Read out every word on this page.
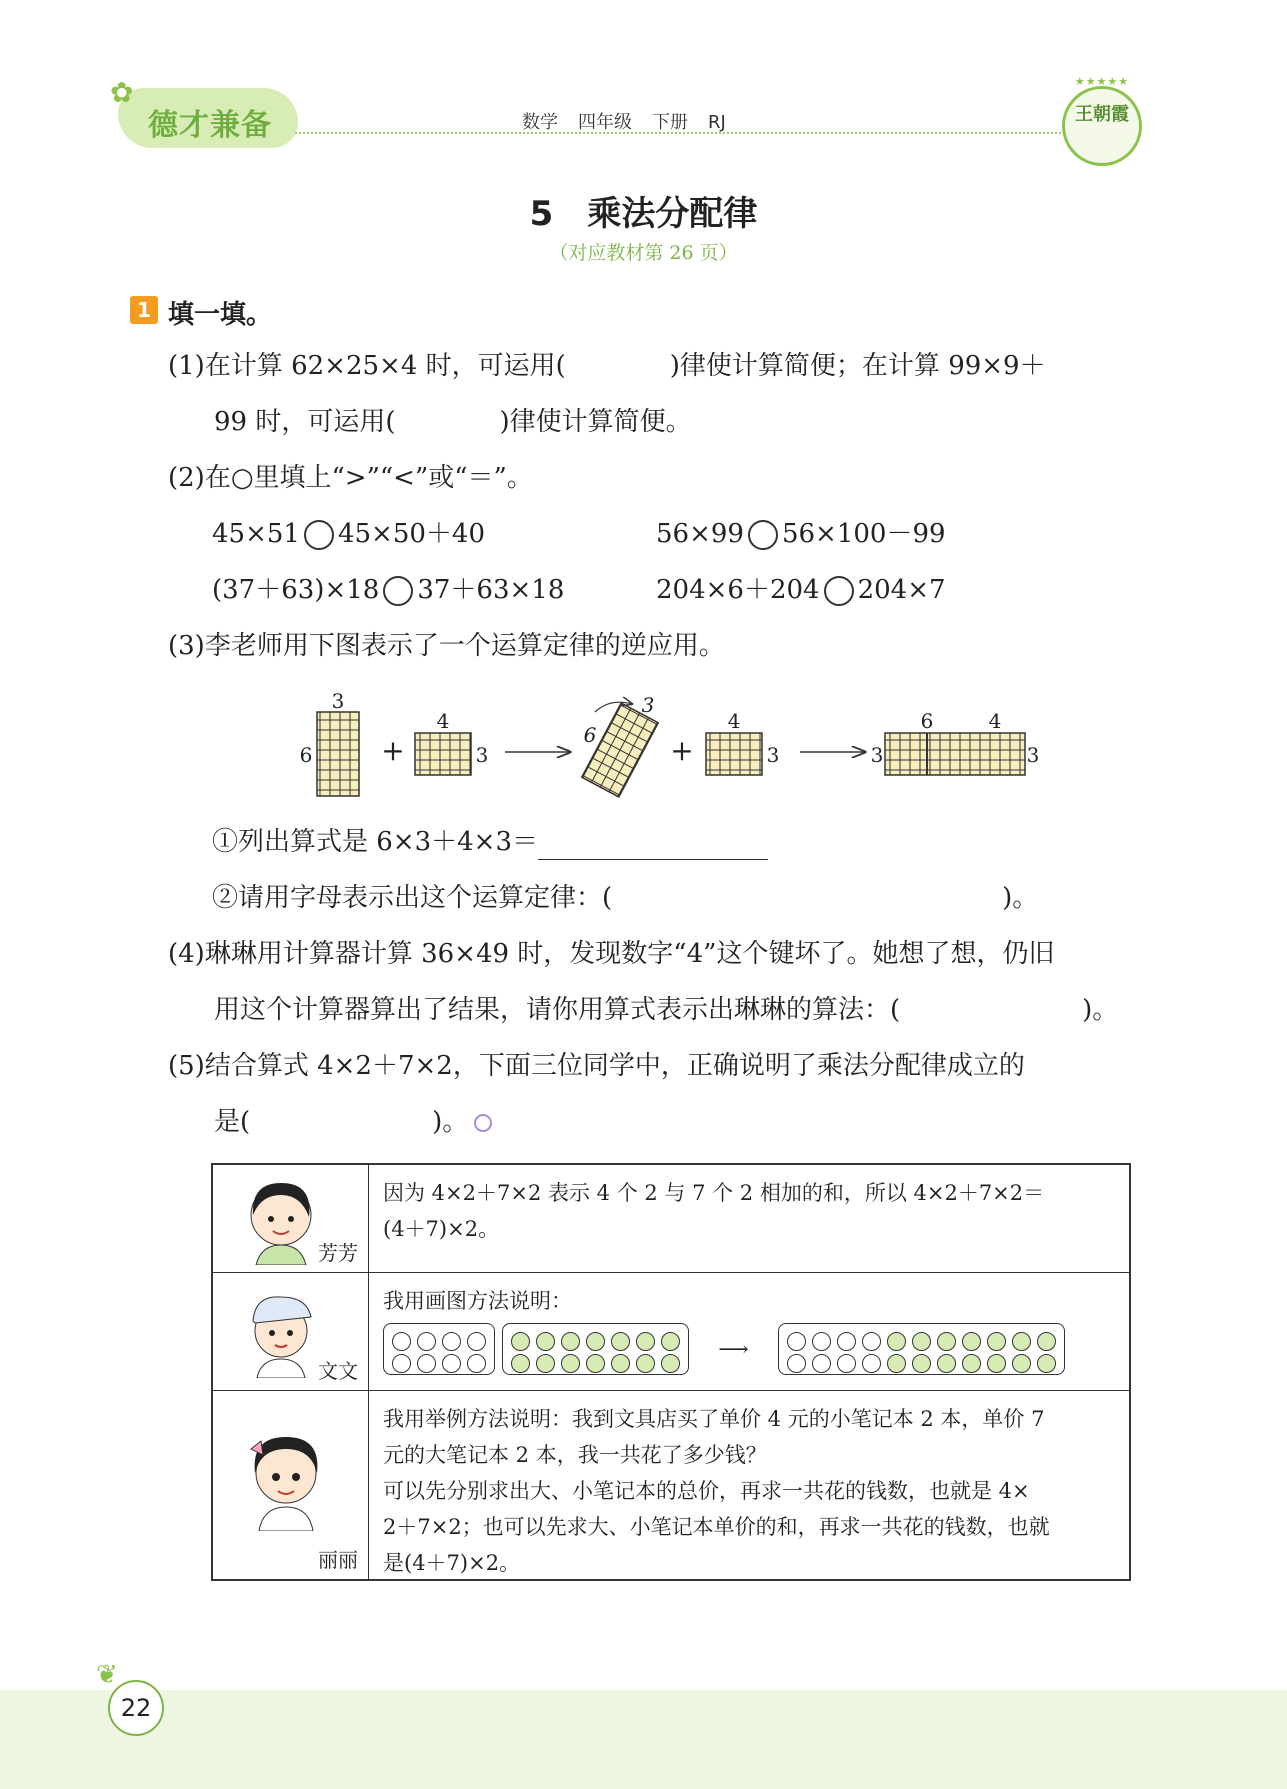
✿
德才兼备	数学 四年级 下册 RJ
★★★★★
王朝霞
5 乘法分配律
（对应教材第 26 页）
1 填一填。
(1)在计算 62×25×4 时，可运用(　　　　)律使计算简便；在计算 99×9＋
99 时，可运用(　　　　)律使计算简便。
(2)在○里填上“>”“<”或“＝”。
45×51 45×50＋40	56×99 56×100－99
(37＋63)×18 37＋63×18	204×6＋204 204×7
(3)李老师用下图表示了一个运算定律的逆应用。
3
6 +
4
3
3
6	+
4
3
6	4
3	3
①列出算式是 6×3＋4×3＝
②请用字母表示出这个运算定律：(　　　　　　　　　　　　　　　)。
(4)琳琳用计算器计算 36×49 时，发现数字“4”这个键坏了。她想了想，仍旧
用这个计算器算出了结果，请你用算式表示出琳琳的算法：(　　　　　　　)。
(5)结合算式 4×2＋7×2，下面三位同学中，正确说明了乘法分配律成立的
是(　　　　　　　)。
芳芳
因为 4×2＋7×2 表示 4 个 2 与 7 个 2 相加的和，所以 4×2＋7×2＝
(4＋7)×2。
文文
我用画图方法说明：

⟶
丽丽
我用举例方法说明：我到文具店买了单价 4 元的小笔记本 2 本，单价 7
元的大笔记本 2 本，我一共花了多少钱？
可以先分别求出大、小笔记本的总价，再求一共花的钱数，也就是 4×
2＋7×2；也可以先求大、小笔记本单价的和，再求一共花的钱数，也就
是(4＋7)×2。
❦
22
